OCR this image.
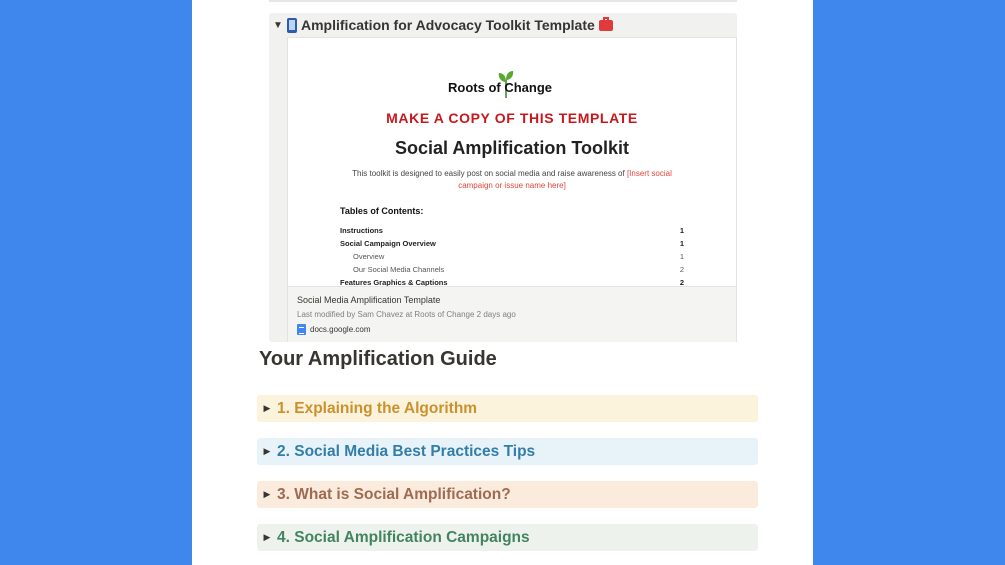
▼ Amplification for Advocacy Toolkit Template
Roots of Change
MAKE A COPY OF THIS TEMPLATE
Social Amplification Toolkit
This toolkit is designed to easily post on social media and raise awareness of [Insert social campaign or issue name here]
Tables of Contents:
Instructions	1
Social Campaign Overview	1
Overview	1
Our Social Media Channels	2
Features Graphics & Captions	2
Social Media Amplification Template
Last modified by Sam Chavez at Roots of Change 2 days ago
docs.google.com
Your Amplification Guide
▶ 1. Explaining the Algorithm
▶ 2. Social Media Best Practices Tips
▶ 3. What is Social Amplification?
▶ 4. Social Amplification Campaigns
